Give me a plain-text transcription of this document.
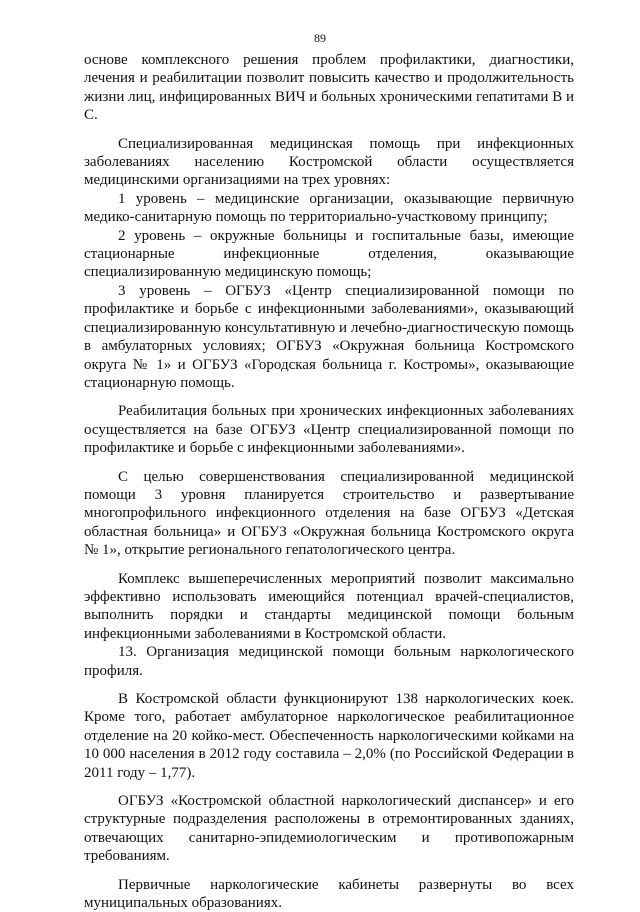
89

основе комплексного решения проблем профилактики, диагностики, лечения и реабилитации позволит повысить качество и продолжительность жизни лиц, инфицированных ВИЧ и больных хроническими гепатитами В и С.

Специализированная медицинская помощь при инфекционных заболеваниях населению Костромской области осуществляется медицинскими организациями на трех уровнях:

1 уровень – медицинские организации, оказывающие первичную медико-санитарную помощь по территориально-участковому принципу;

2 уровень – окружные больницы и госпитальные базы, имеющие стационарные инфекционные отделения, оказывающие специализированную медицинскую помощь;

3 уровень – ОГБУЗ «Центр специализированной помощи по профилактике и борьбе с инфекционными заболеваниями», оказывающий специализированную консультативную и лечебно-диагностическую помощь в амбулаторных условиях; ОГБУЗ «Окружная больница Костромского округа № 1» и ОГБУЗ «Городская больница г. Костромы», оказывающие стационарную помощь.

Реабилитация больных при хронических инфекционных заболеваниях осуществляется на базе ОГБУЗ «Центр специализированной помощи по профилактике и борьбе с инфекционными заболеваниями».

С целью совершенствования специализированной медицинской помощи 3 уровня планируется строительство и развертывание многопрофильного инфекционного отделения на базе ОГБУЗ «Детская областная больница» и ОГБУЗ «Окружная больница Костромского округа № 1», открытие регионального гепатологического центра.

Комплекс вышеперечисленных мероприятий позволит максимально эффективно использовать имеющийся потенциал врачей-специалистов, выполнить порядки и стандарты медицинской помощи больным инфекционными заболеваниями в Костромской области.

13. Организация медицинской помощи больным наркологического профиля.

В Костромской области функционируют 138 наркологических коек. Кроме того, работает амбулаторное наркологическое реабилитационное отделение на 20 койко-мест. Обеспеченность наркологическими койками на 10 000 населения в 2012 году составила – 2,0% (по Российской Федерации в 2011 году – 1,77).

ОГБУЗ «Костромской областной наркологический диспансер» и его структурные подразделения расположены в отремонтированных зданиях, отвечающих санитарно-эпидемиологическим и противопожарным требованиям.

Первичные наркологические кабинеты развернуты во всех муниципальных образованиях.
